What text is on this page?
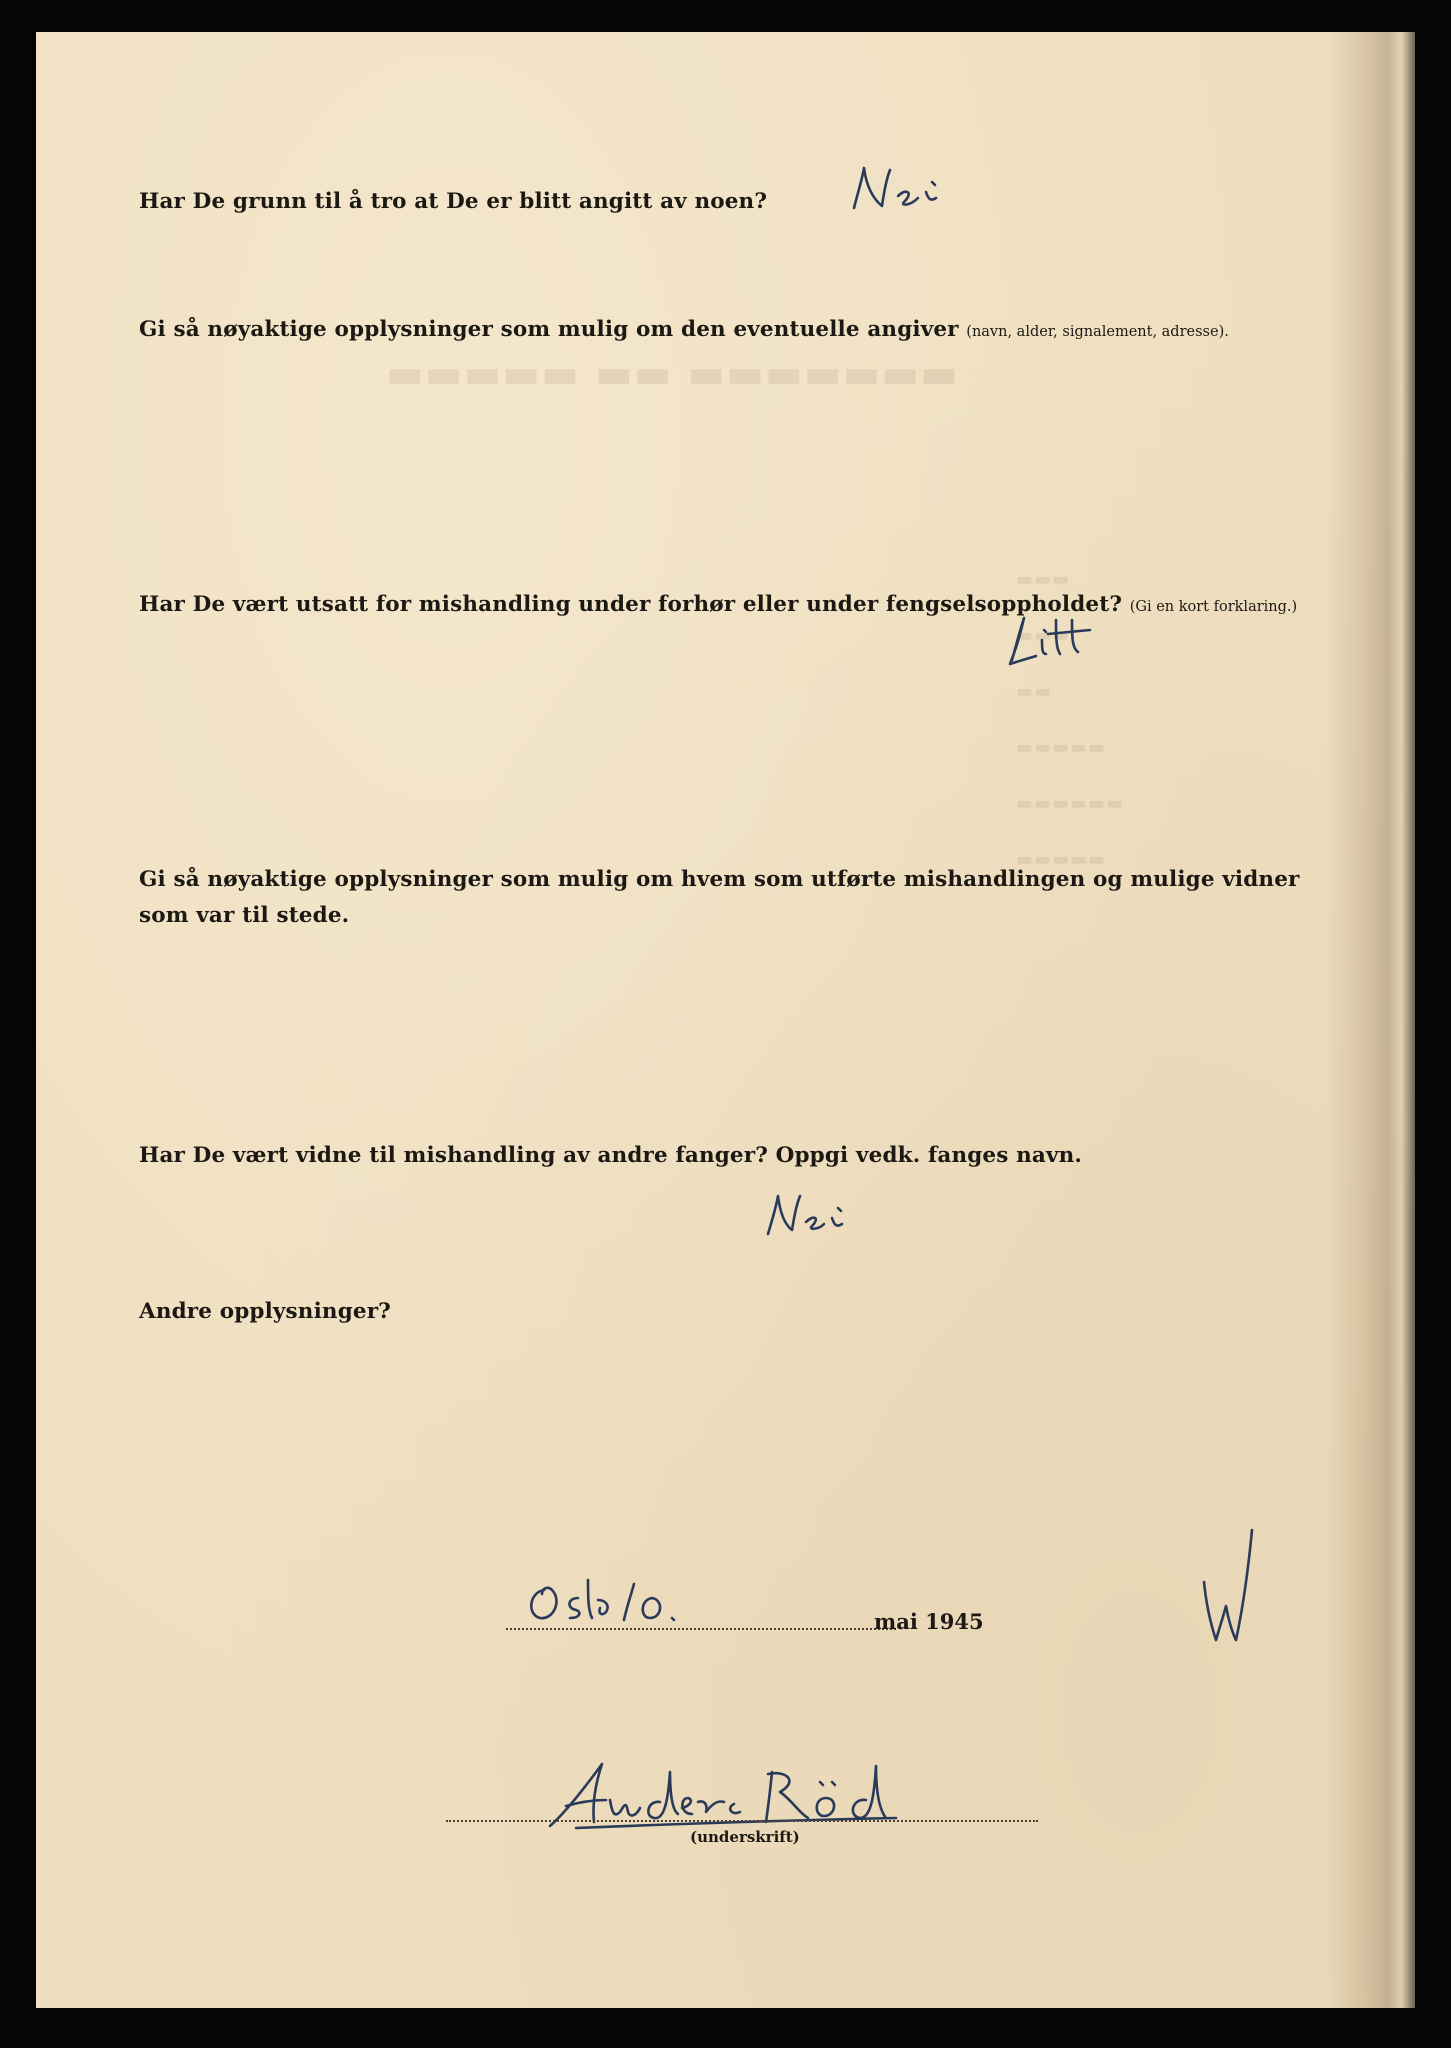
▬▬▬▬▬ ▬▬ ▬▬▬▬▬▬▬
▬▬▬
▬▬▬
▬▬
▬▬▬▬▬
▬▬▬▬▬▬
▬▬▬▬▬
Har De grunn til å tro at De er blitt angitt av noen?
Gi så nøyaktige opplysninger som mulig om den eventuelle angiver (navn, alder, signalement, adresse).
Har De vært utsatt for mishandling under forhør eller under fengselsoppholdet? (Gi en kort forklaring.)
Gi så nøyaktige opplysninger som mulig om hvem som utførte mishandlingen og mulige vidner
som var til stede.
Har De vært vidne til mishandling av andre fanger? Oppgi vedk. fanges navn.
Andre opplysninger?
mai 1945
(underskrift)
